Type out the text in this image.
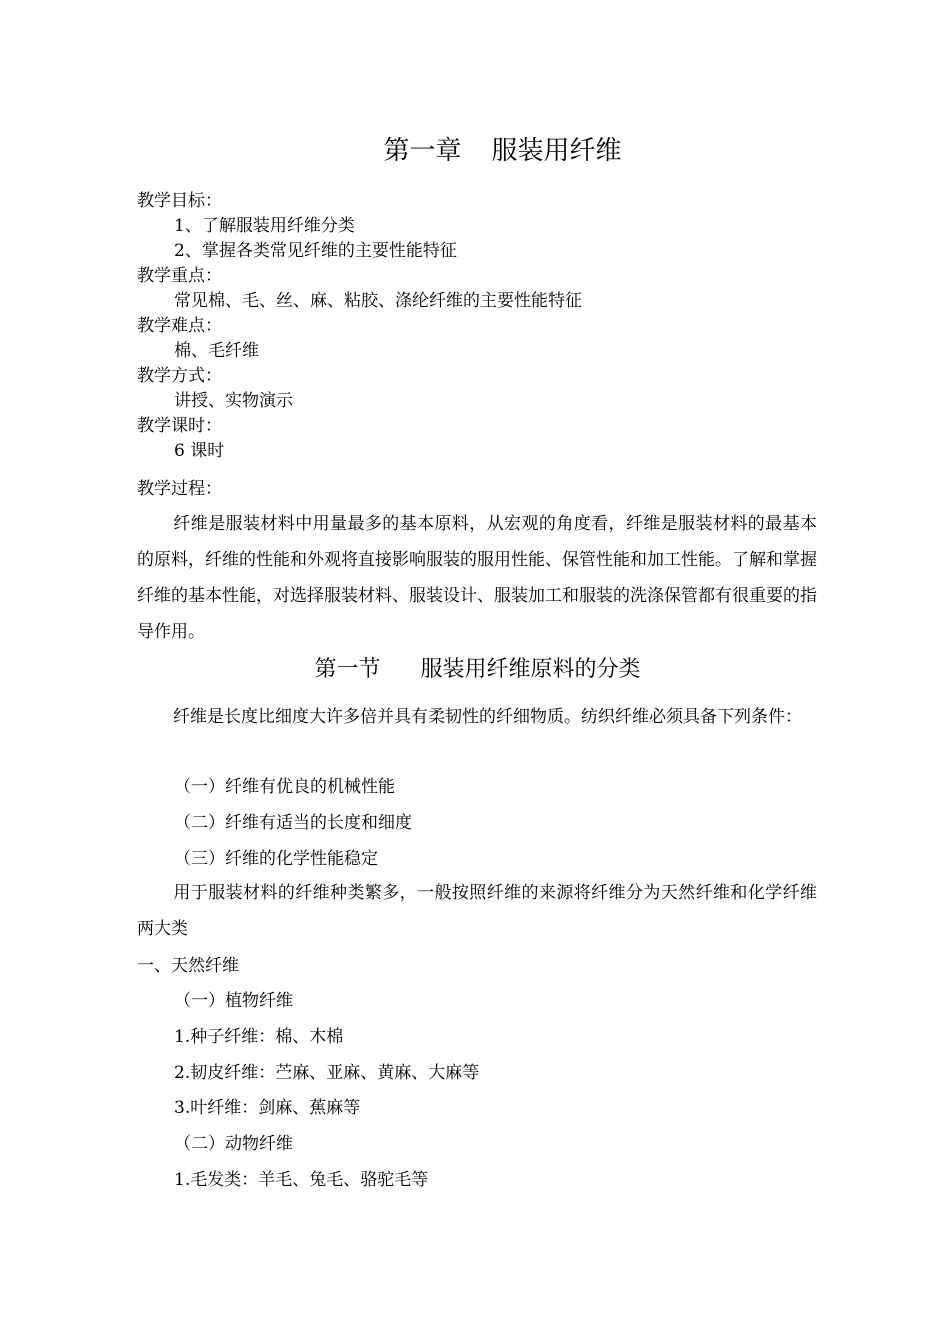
第一章 服装用纤维
教学目标：
1、了解服装用纤维分类
2、掌握各类常见纤维的主要性能特征
教学重点：
常见棉、毛、丝、麻、粘胶、涤纶纤维的主要性能特征
教学难点：
棉、毛纤维
教学方式：
讲授、实物演示
教学课时：
6 课时
教学过程：
纤维是服装材料中用量最多的基本原料，从宏观的角度看，纤维是服装材料的最基本的原料，纤维的性能和外观将直接影响服装的服用性能、保管性能和加工性能。了解和掌握纤维的基本性能，对选择服装材料、服装设计、服装加工和服装的洗涤保管都有很重要的指导作用。
第一节 服装用纤维原料的分类
纤维是长度比细度大许多倍并具有柔韧性的纤细物质。纺织纤维必须具备下列条件：
（一）纤维有优良的机械性能
（二）纤维有适当的长度和细度
（三）纤维的化学性能稳定
用于服装材料的纤维种类繁多，一般按照纤维的来源将纤维分为天然纤维和化学纤维两大类
一、天然纤维
（一）植物纤维
1.种子纤维：棉、木棉
2.韧皮纤维：苎麻、亚麻、黄麻、大麻等
3.叶纤维：剑麻、蕉麻等
（二）动物纤维
1.毛发类：羊毛、兔毛、骆驼毛等
